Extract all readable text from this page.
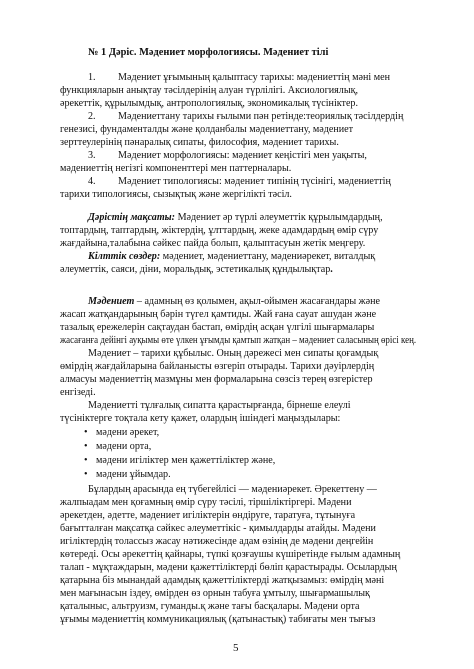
№ 1 Дәріс. Мәдениет морфологиясы. Мәдениет тілі
1. Мәдениет ұғымының қалыптасу тарихы: мәдениеттің мәні мен
функцияларын анықтау тәсілдерінің алуан түрлілігі. Аксиологиялық,
әрекеттік, құрылымдық, антропологиялық, экономикалық түсініктер.
2. Мәдениеттану тарихы ғылыми пән ретінде:теориялық тәсілдердің
генезисі, фундаменталды және қолданбалы мәдениеттану, мәдениет
зерттеулерінің пәнаралық сипаты, философия, мәдениет тарихы.
3. Мәдениет морфологиясы: мәдениет кеңістігі мен уақыты,
мәдениеттің негізгі компоненттері мен паттерналары.
4. Мәдениет типологиясы: мәдениет типінің түсінігі, мәдениеттің
тарихи типологиясы, сызықтық және жергілікті тәсіл.
Дәрістің мақсаты: Мәдениет әр түрлі әлеуметтік құрылымдардың,
топтардың, таптардың, жіктердің, ұлттардың, жеке адамдардың өмір сүру
жағдайына,талабына сәйкес пайда болып, қалыптасуын жетік меңгеру.
Кілттік сөздер: мәдениет, мәдениеттану, мәдениәрекет, виталдық
әлеуметтік, саяси, діни, моральдық, эстетикалық құндылықтар.
Мәдениет – адамның өз қолымен, ақыл-ойымен жасағандары және
жасап жатқандарының бәрін түгел қамтиды. Жай ғана сауат ашудан және
тазалық ережелерін сақтаудан бастап, өмірдің асқан үлгілі шығармалары
жасағанға дейінгі ауқымы өте үлкен ұғымды қамтып жатқан – мәдениет саласының өрісі кең.
Мәдениет – тарихи құбылыс. Оның дәрежесі мен сипаты қоғамдық
өмірдің жағдайларына байланысты өзгеріп отырады. Тарихи дәуірлердің
алмасуы мәдениеттің мазмұны мен формаларына сөзсіз терең өзгерістер
енгізеді.
Мәдениетті тұлғалық сипатта қарастырғанда, бірнеше елеулі
түсініктерге тоқтала кету қажет, олардың ішіндегі маңыздылары:
• мәдени әрекет,
• мәдени орта,
• мәдени игіліктер мен қажеттіліктер және,
• мәдени ұйымдар.
Бұлардың арасында ең түбегейлісі — мәдениәрекет. Әрекеттену —
жалпыадам мен қоғамның өмір сүру тәсілі, тіршіліктіргері. Мәдени
әрекетден, әдетте, мәдениет игіліктерін өндіруге, таратуға, тұтынуға
бағытталған мақсатқа сәйкес әлеуметтікіс - қимылдарды атайды. Мәдени
игіліктердің толассыз жасау нәтижесінде адам өзінің де мәдени деңгейін
көтереді. Осы әрекеттің қайнары, түпкі қозғаушы күшіретінде ғылым адамның
талап - мұқтаждарын, мәдени қажеттіліктерді бөліп қарастырады. Осылардың
қатарына біз мынандай адамдық қажеттіліктерді жатқызамыз: өмірдің мәні
мен мағынасын іздеу, өмірден өз орнын табуға ұмтылу, шығармашылық
қаталыныс, альтруизм, гуманды.қ және тағы басқалары. Мәдени орта
ұғымы мәдениеттің коммуникациялық (қатынастық) табиғаты мен тығыз
5
